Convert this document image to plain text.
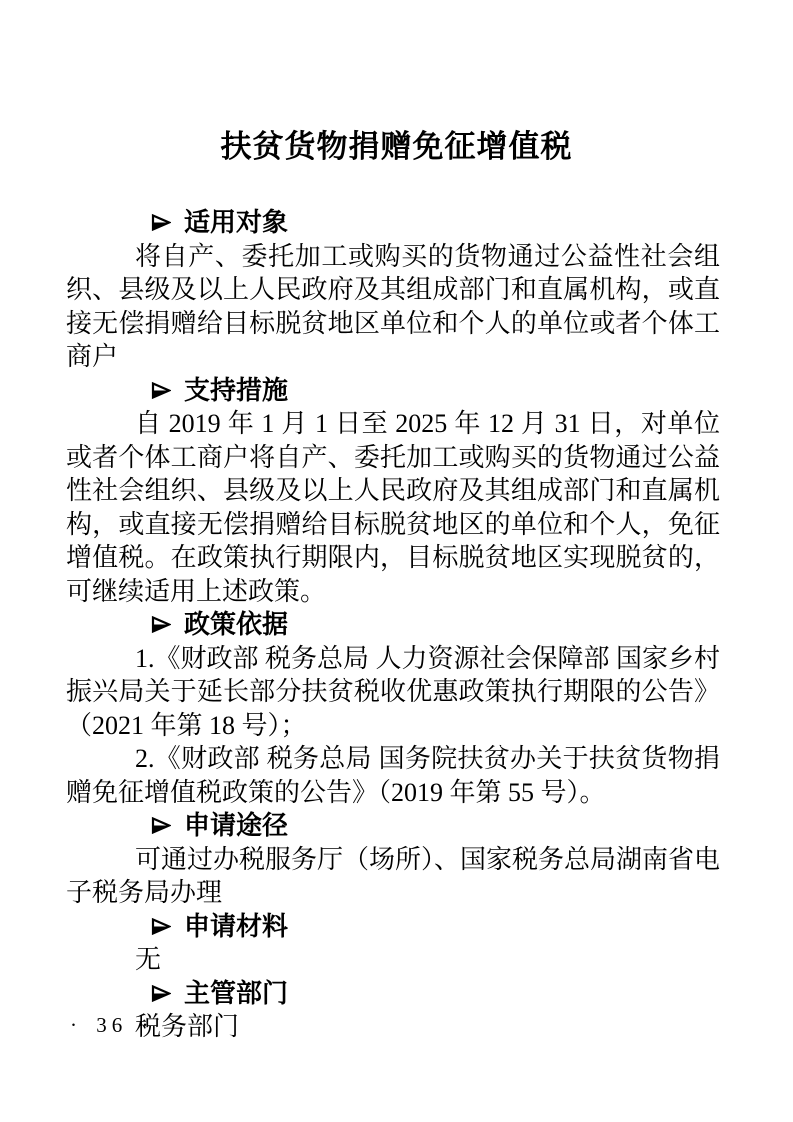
扶贫货物捐赠免征增值税
适用对象

将自产、委托加工或购买的货物通过公益性社会组织、县级及以上人民政府及其组成部门和直属机构，或直接无偿捐赠给目标脱贫地区单位和个人的单位或者个体工商户

支持措施

自 2019 年 1 月 1 日至 2025 年 12 月 31 日，对单位或者个体工商户将自产、委托加工或购买的货物通过公益性社会组织、县级及以上人民政府及其组成部门和直属机构，或直接无偿捐赠给目标脱贫地区的单位和个人，免征增值税。在政策执行期限内，目标脱贫地区实现脱贫的，可继续适用上述政策。

政策依据

1.《财政部 税务总局 人力资源社会保障部 国家乡村振兴局关于延长部分扶贫税收优惠政策执行期限的公告》（2021 年第 18 号）；

2.《财政部 税务总局 国务院扶贫办关于扶贫货物捐赠免征增值税政策的公告》（2019 年第 55 号）。

申请途径

可通过办税服务厅（场所）、国家税务总局湖南省电子税务局办理

申请材料

无

主管部门

税务部门

· 36 ·
